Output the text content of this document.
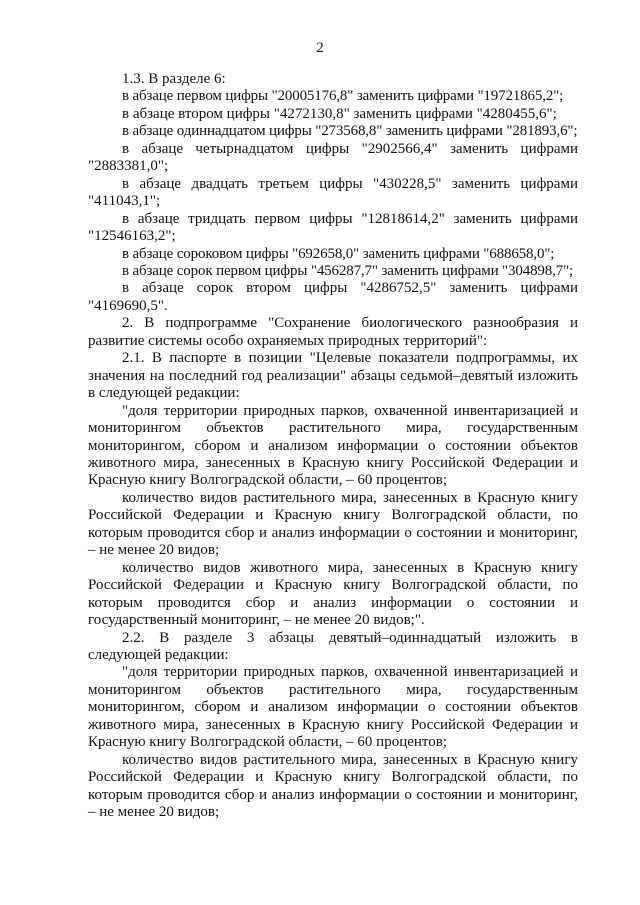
2

1.3. В разделе 6:

в абзаце первом цифры "20005176,8" заменить цифрами "19721865,2";

в абзаце втором цифры "4272130,8" заменить цифрами "4280455,6";

в абзаце одиннадцатом цифры "273568,8" заменить цифрами "281893,6";

в абзаце четырнадцатом цифры "2902566,4" заменить цифрами "2883381,0";

в абзаце двадцать третьем цифры "430228,5" заменить цифрами "411043,1";

в абзаце тридцать первом цифры "12818614,2" заменить цифрами "12546163,2";

в абзаце сороковом цифры "692658,0" заменить цифрами "688658,0";

в абзаце сорок первом цифры "456287,7" заменить цифрами "304898,7";

в абзаце сорок втором цифры "4286752,5" заменить цифрами "4169690,5".

2. В подпрограмме "Сохранение биологического разнообразия и развитие системы особо охраняемых природных территорий":

2.1. В паспорте в позиции "Целевые показатели подпрограммы, их значения на последний год реализации" абзацы седьмой–девятый изложить в следующей редакции:

"доля территории природных парков, охваченной инвентаризацией и мониторингом объектов растительного мира, государственным мониторингом, сбором и анализом информации о состоянии объектов животного мира, занесенных в Красную книгу Российской Федерации и Красную книгу Волгоградской области, – 60 процентов;

количество видов растительного мира, занесенных в Красную книгу Российской Федерации и Красную книгу Волгоградской области, по которым проводится сбор и анализ информации о состоянии и мониторинг, – не менее 20 видов;

количество видов животного мира, занесенных в Красную книгу Российской Федерации и Красную книгу Волгоградской области, по которым проводится сбор и анализ информации о состоянии и государственный мониторинг, – не менее 20 видов;".

2.2. В разделе 3 абзацы девятый–одиннадцатый изложить в следующей редакции:

"доля территории природных парков, охваченной инвентаризацией и мониторингом объектов растительного мира, государственным мониторингом, сбором и анализом информации о состоянии объектов животного мира, занесенных в Красную книгу Российской Федерации и Красную книгу Волгоградской области, – 60 процентов;

количество видов растительного мира, занесенных в Красную книгу Российской Федерации и Красную книгу Волгоградской области, по которым проводится сбор и анализ информации о состоянии и мониторинг, – не менее 20 видов;
